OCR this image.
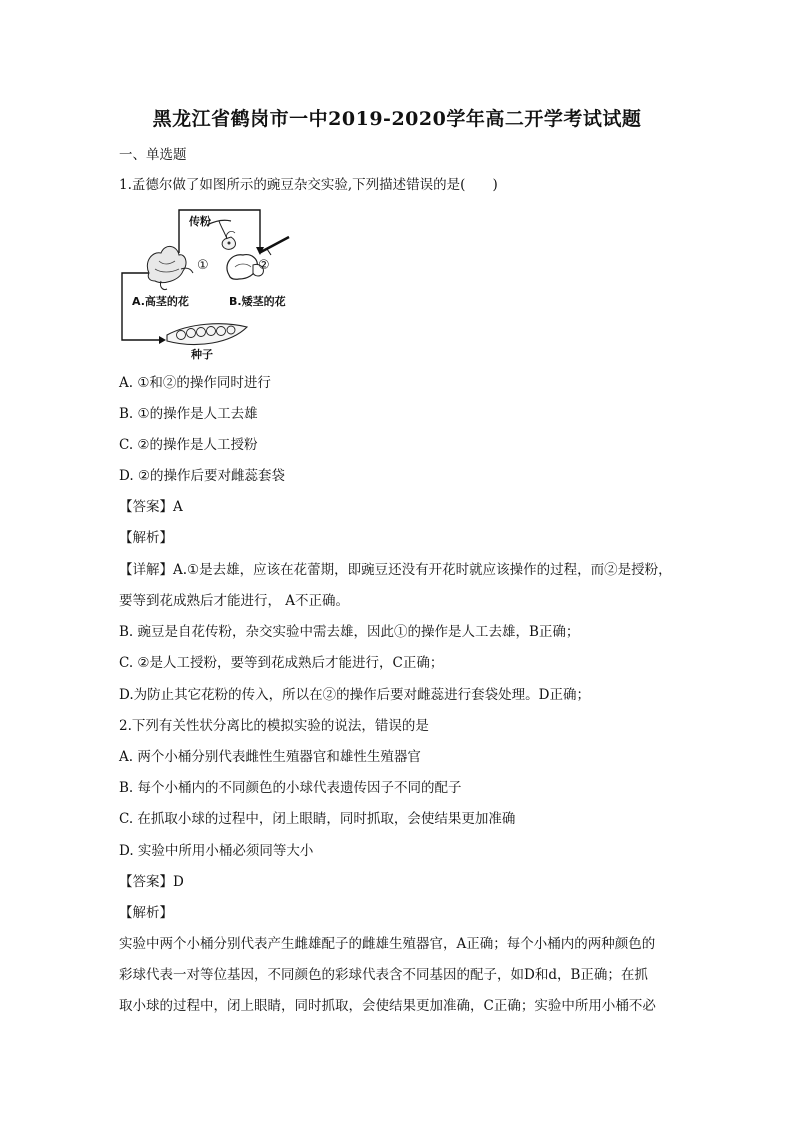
黑龙江省鹤岗市一中2019-2020学年高二开学考试试题
一、单选题
1.孟德尔做了如图所示的豌豆杂交实验,下列描述错误的是(　　)
传粉
①	②
A.高茎的花	B.矮茎的花
种子
A. ①和②的操作同时进行
B. ①的操作是人工去雄
C. ②的操作是人工授粉
D. ②的操作后要对雌蕊套袋
【答案】A
【解析】
【详解】A.①是去雄，应该在花蕾期，即豌豆还没有开花时就应该操作的过程，而②是授粉，
要等到花成熟后才能进行， A不正确。
B. 豌豆是自花传粉，杂交实验中需去雄，因此①的操作是人工去雄，B正确；
C. ②是人工授粉，要等到花成熟后才能进行，C正确；
D.为防止其它花粉的传入，所以在②的操作后要对雌蕊进行套袋处理。D正确；
2.下列有关性状分离比的模拟实验的说法，错误的是
A. 两个小桶分别代表雌性生殖器官和雄性生殖器官
B. 每个小桶内的不同颜色的小球代表遗传因子不同的配子
C. 在抓取小球的过程中，闭上眼睛，同时抓取，会使结果更加准确
D. 实验中所用小桶必须同等大小
【答案】D
【解析】
实验中两个小桶分别代表产生雌雄配子的雌雄生殖器官，A正确；每个小桶内的两种颜色的
彩球代表一对等位基因，不同颜色的彩球代表含不同基因的配子，如D和d，B正确；在抓
取小球的过程中，闭上眼睛，同时抓取，会使结果更加准确，C正确；实验中所用小桶不必
